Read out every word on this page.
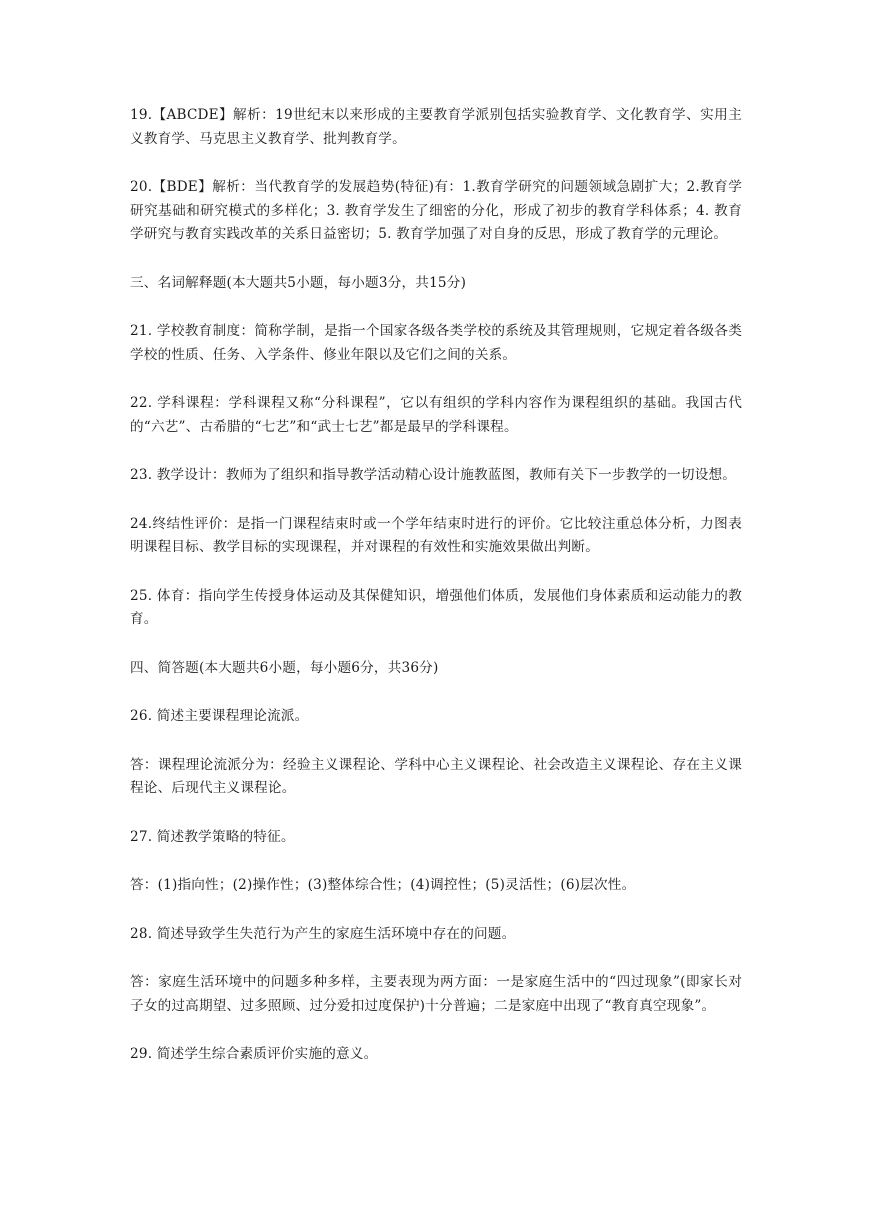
19.【ABCDE】解析：19世纪末以来形成的主要教育学派别包括实验教育学、文化教育学、实用主义教育学、马克思主义教育学、批判教育学。

20.【BDE】解析：当代教育学的发展趋势(特征)有：1.教育学研究的问题领域急剧扩大；2.教育学研究基础和研究模式的多样化；3. 教育学发生了细密的分化，形成了初步的教育学科体系；4. 教育学研究与教育实践改革的关系日益密切；5. 教育学加强了对自身的反思，形成了教育学的元理论。

三、名词解释题(本大题共5小题，每小题3分，共15分)

21. 学校教育制度：简称学制，是指一个国家各级各类学校的系统及其管理规则，它规定着各级各类学校的性质、任务、入学条件、修业年限以及它们之间的关系。

22. 学科课程：学科课程又称“分科课程”，它以有组织的学科内容作为课程组织的基础。我国古代的“六艺”、古希腊的“七艺”和“武士七艺”都是最早的学科课程。

23. 教学设计：教师为了组织和指导教学活动精心设计施教蓝图，教师有关下一步教学的一切设想。

24.终结性评价：是指一门课程结束时或一个学年结束时进行的评价。它比较注重总体分析，力图表明课程目标、教学目标的实现课程，并对课程的有效性和实施效果做出判断。

25. 体育：指向学生传授身体运动及其保健知识，增强他们体质，发展他们身体素质和运动能力的教育。

四、简答题(本大题共6小题，每小题6分，共36分)

26. 简述主要课程理论流派。

答：课程理论流派分为：经验主义课程论、学科中心主义课程论、社会改造主义课程论、存在主义课程论、后现代主义课程论。

27. 简述教学策略的特征。

答：(1)指向性；(2)操作性；(3)整体综合性；(4)调控性；(5)灵活性；(6)层次性。

28. 简述导致学生失范行为产生的家庭生活环境中存在的问题。

答：家庭生活环境中的问题多种多样，主要表现为两方面：一是家庭生活中的“四过现象”(即家长对子女的过高期望、过多照顾、过分爱扣过度保护)十分普遍；二是家庭中出现了“教育真空现象”。

29. 简述学生综合素质评价实施的意义。
